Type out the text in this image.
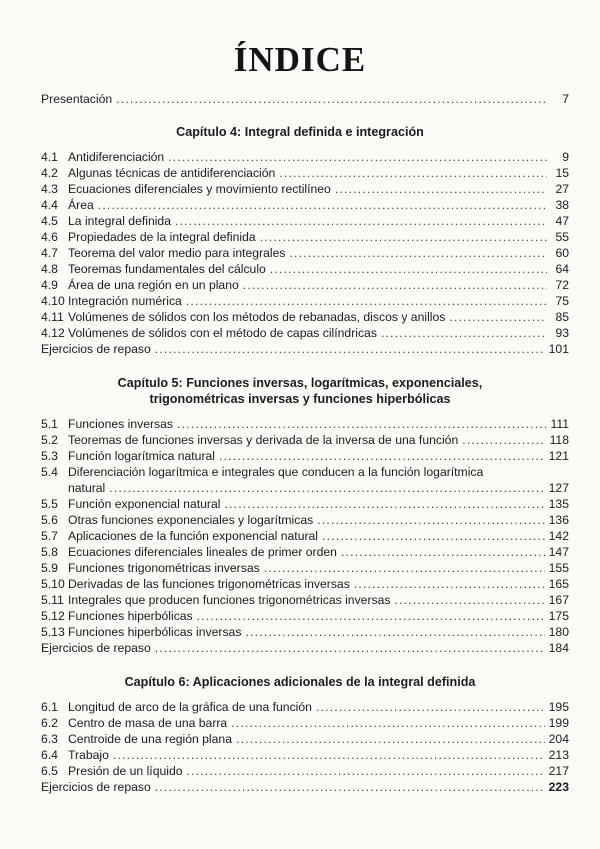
ÍNDICE
Presentación .....	7
Capítulo 4: Integral definida e integración
4.1 Antidiferenciación .....	9
4.2 Algunas técnicas de antidiferenciación .....	15
4.3 Ecuaciones diferenciales y movimiento rectilíneo .....	27
4.4 Área .....	38
4.5 La integral definida .....	47
4.6 Propiedades de la integral definida .....	55
4.7 Teorema del valor medio para integrales .....	60
4.8 Teoremas fundamentales del cálculo .....	64
4.9 Área de una región en un plano .....	72
4.10 Integración numérica .....	75
4.11 Volúmenes de sólidos con los métodos de rebanadas, discos y anillos .....	85
4.12 Volúmenes de sólidos con el método de capas cilíndricas .....	93
Ejercicios de repaso .....	101
Capítulo 5: Funciones inversas, logarítmicas, exponenciales,
trigonométricas inversas y funciones hiperbólicas
5.1 Funciones inversas .....	111
5.2 Teoremas de funciones inversas y derivada de la inversa de una función .....	118
5.3 Función logarítmica natural .....	121
5.4 Diferenciación logarítmica e integrales que conducen a la función logarítmica
natural .....	127
5.5 Función exponencial natural .....	135
5.6 Otras funciones exponenciales y logarítmicas .....	136
5.7 Aplicaciones de la función exponencial natural .....	142
5.8 Ecuaciones diferenciales lineales de primer orden .....	147
5.9 Funciones trigonométricas inversas .....	155
5.10 Derivadas de las funciones trigonométricas inversas .....	165
5.11 Integrales que producen funciones trigonométricas inversas .....	167
5.12 Funciones hiperbólicas .....	175
5.13 Funciones hiperbólicas inversas .....	180
Ejercicios de repaso .....	184
Capítulo 6: Aplicaciones adicionales de la integral definida
6.1 Longitud de arco de la gráfica de una función .....	195
6.2 Centro de masa de una barra .....	199
6.3 Centroide de una región plana .....	204
6.4 Trabajo .....	213
6.5 Presión de un líquido .....	217
Ejercicios de repaso .....	223
